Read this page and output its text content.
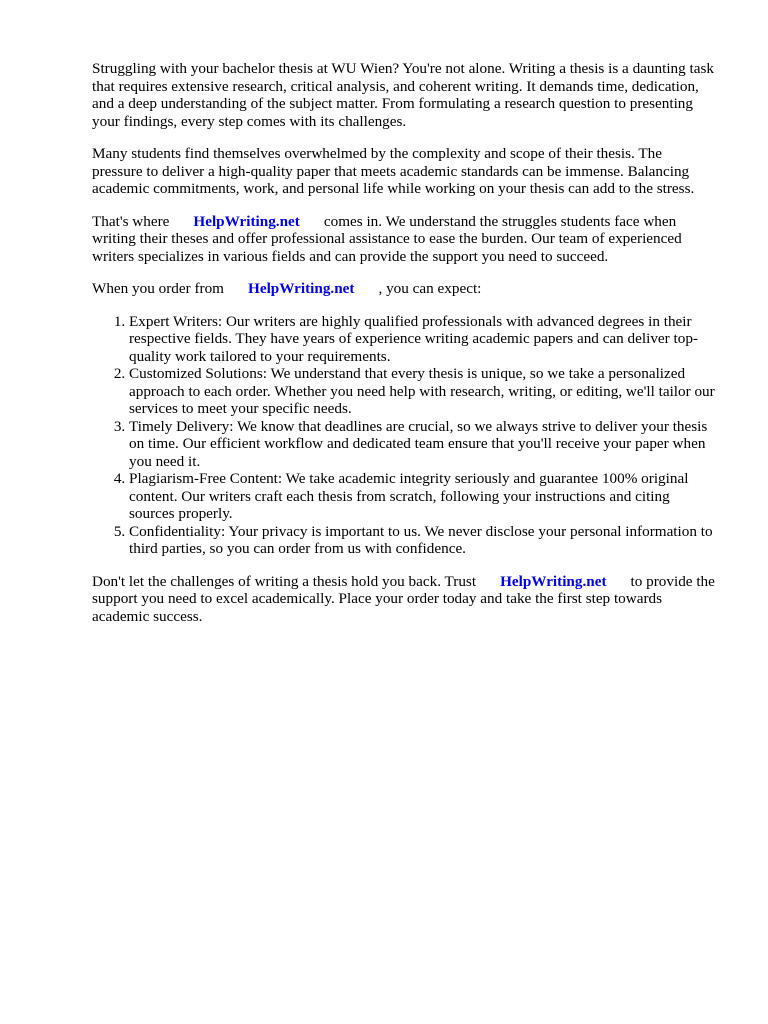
Struggling with your bachelor thesis at WU Wien? You're not alone. Writing a thesis is a daunting task that requires extensive research, critical analysis, and coherent writing. It demands time, dedication, and a deep understanding of the subject matter. From formulating a research question to presenting your findings, every step comes with its challenges.

Many students find themselves overwhelmed by the complexity and scope of their thesis. The pressure to deliver a high-quality paper that meets academic standards can be immense. Balancing academic commitments, work, and personal life while working on your thesis can add to the stress.

That's where HelpWriting.net comes in. We understand the struggles students face when writing their theses and offer professional assistance to ease the burden. Our team of experienced writers specializes in various fields and can provide the support you need to succeed.

When you order from HelpWriting.net , you can expect:

1. Expert Writers: Our writers are highly qualified professionals with advanced degrees in their respective fields. They have years of experience writing academic papers and can deliver top-quality work tailored to your requirements.
2. Customized Solutions: We understand that every thesis is unique, so we take a personalized approach to each order. Whether you need help with research, writing, or editing, we'll tailor our services to meet your specific needs.
3. Timely Delivery: We know that deadlines are crucial, so we always strive to deliver your thesis on time. Our efficient workflow and dedicated team ensure that you'll receive your paper when you need it.
4. Plagiarism-Free Content: We take academic integrity seriously and guarantee 100% original content. Our writers craft each thesis from scratch, following your instructions and citing sources properly.
5. Confidentiality: Your privacy is important to us. We never disclose your personal information to third parties, so you can order from us with confidence.

Don't let the challenges of writing a thesis hold you back. Trust HelpWriting.net to provide the support you need to excel academically. Place your order today and take the first step towards academic success.
